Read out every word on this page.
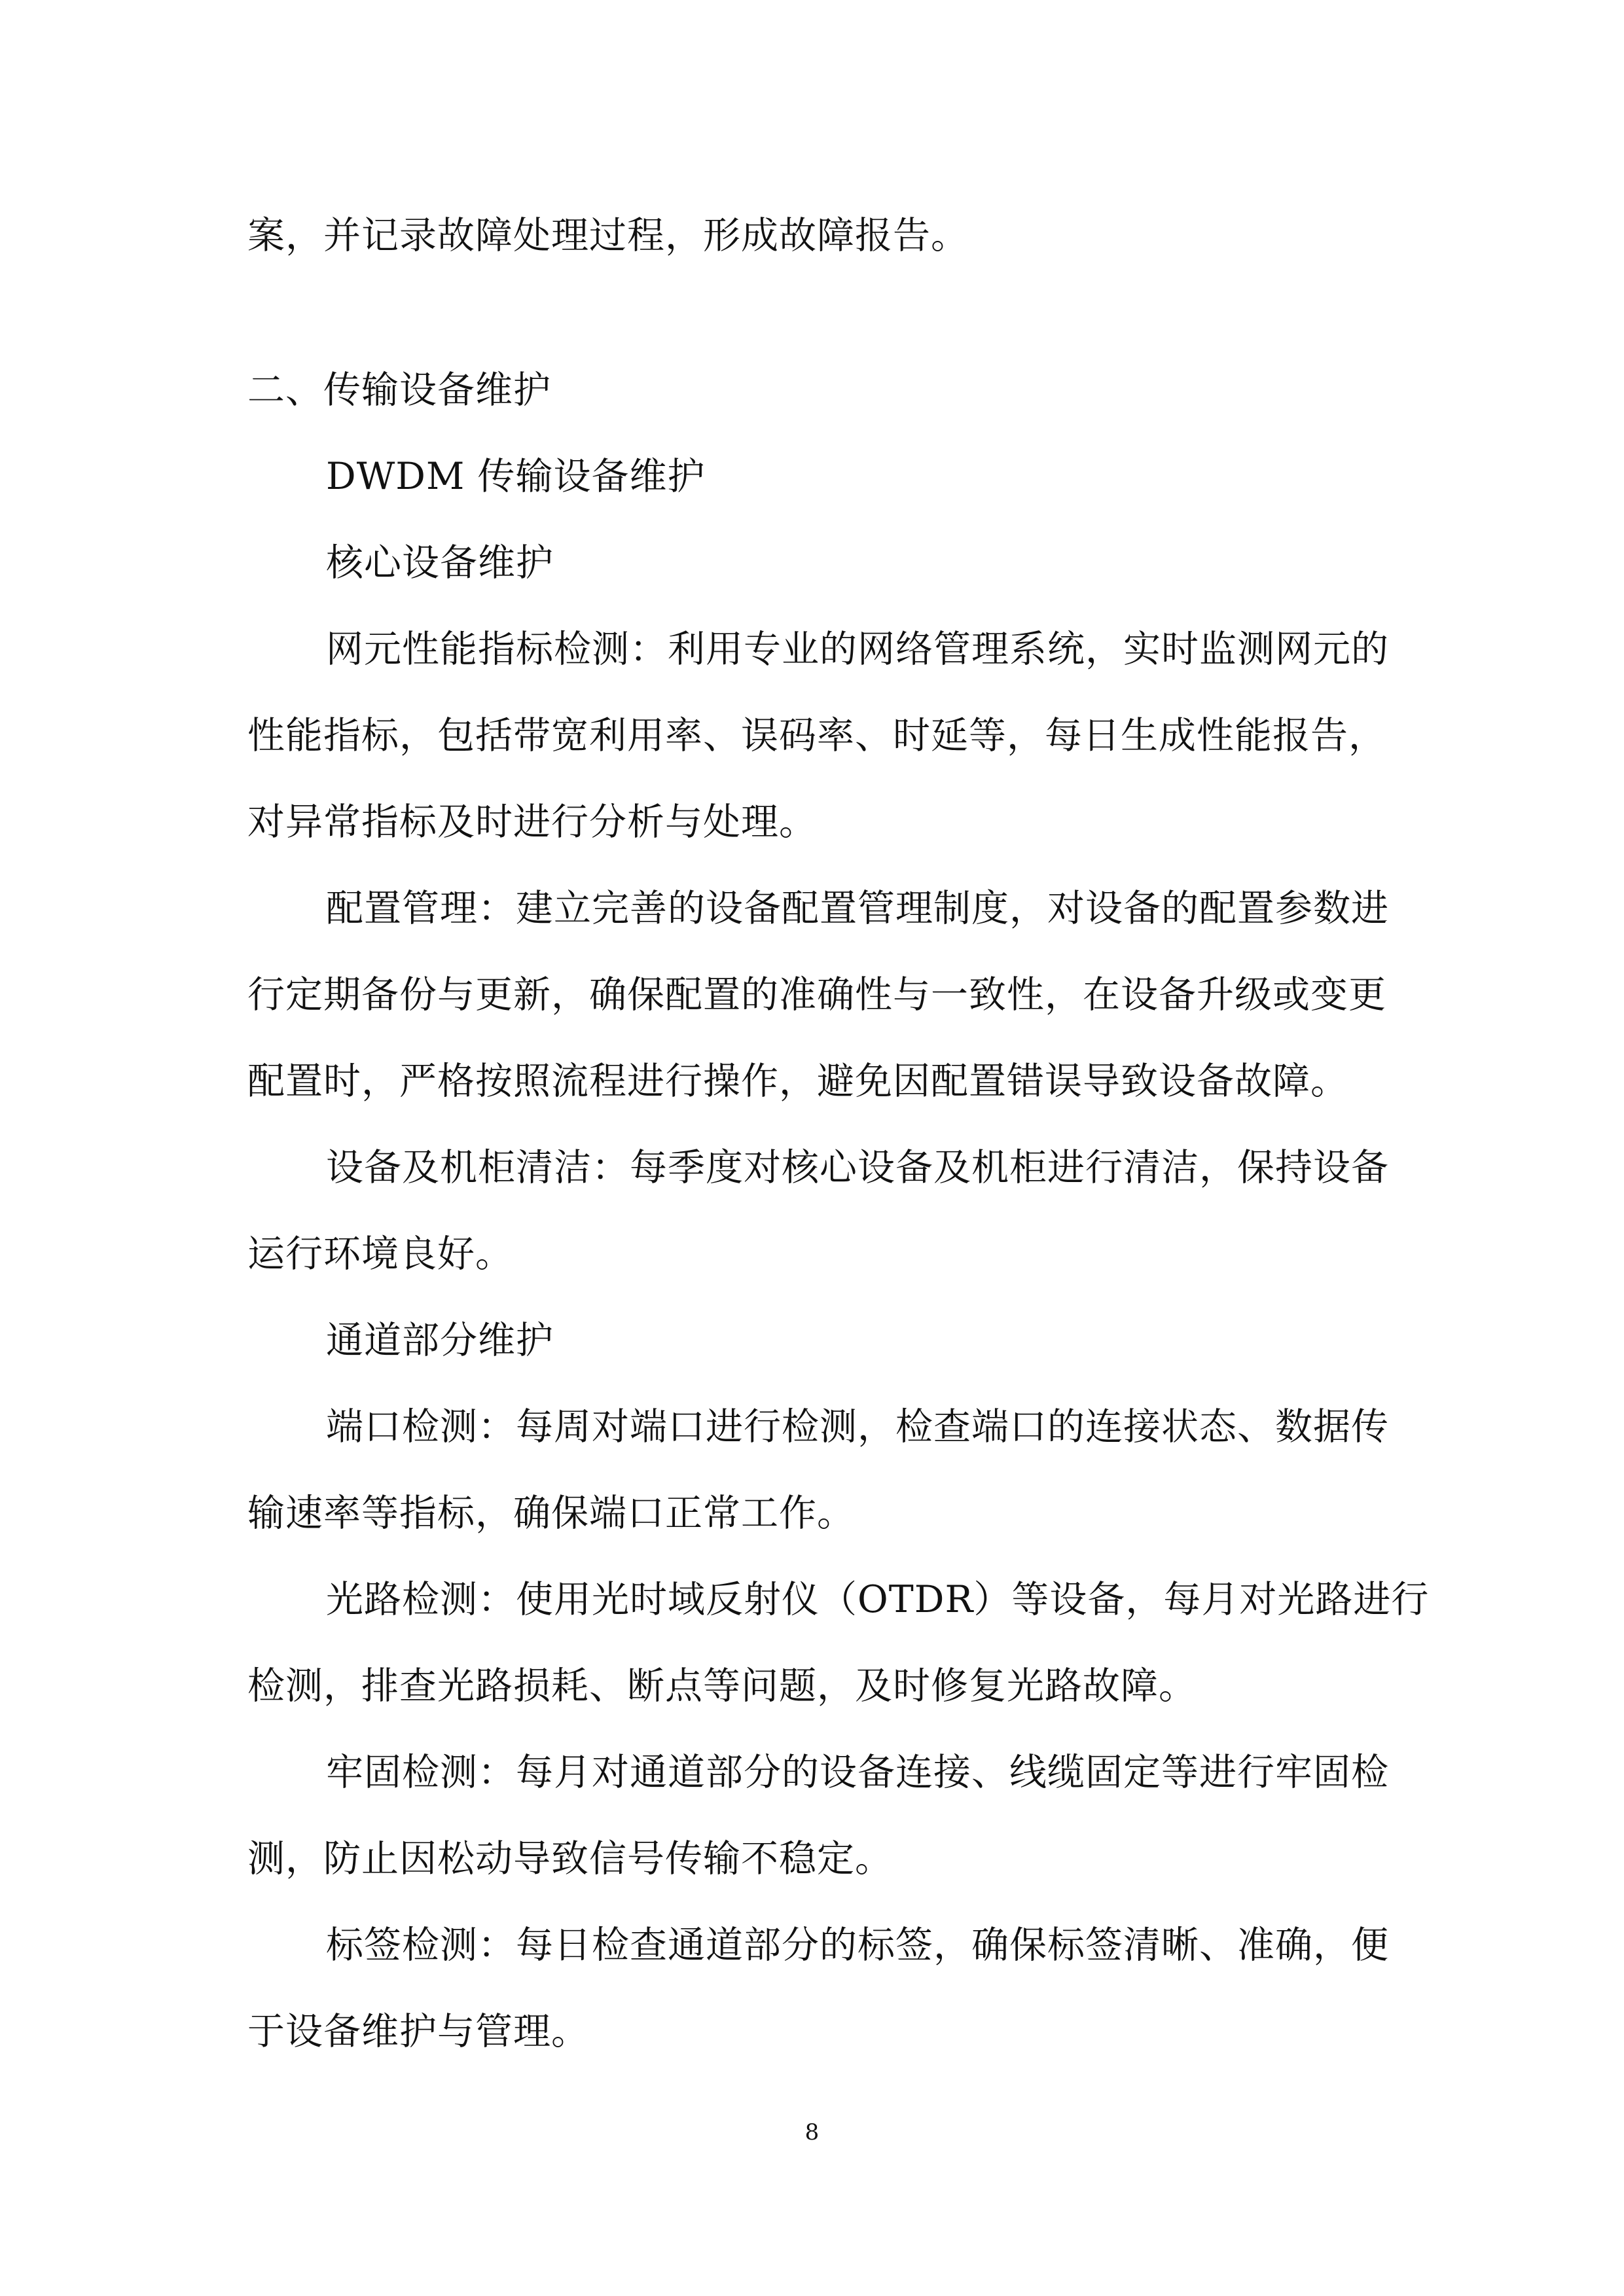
案，并记录故障处理过程，形成故障报告。
二、传输设备维护
DWDM 传输设备维护
核心设备维护
网元性能指标检测：利用专业的网络管理系统，实时监测网元的
性能指标，包括带宽利用率、误码率、时延等，每日生成性能报告，
对异常指标及时进行分析与处理。
配置管理：建立完善的设备配置管理制度，对设备的配置参数进
行定期备份与更新，确保配置的准确性与一致性，在设备升级或变更
配置时，严格按照流程进行操作，避免因配置错误导致设备故障。
设备及机柜清洁：每季度对核心设备及机柜进行清洁，保持设备
运行环境良好。
通道部分维护
端口检测：每周对端口进行检测，检查端口的连接状态、数据传
输速率等指标，确保端口正常工作。
光路检测：使用光时域反射仪（OTDR）等设备，每月对光路进行
检测，排查光路损耗、断点等问题，及时修复光路故障。
牢固检测：每月对通道部分的设备连接、线缆固定等进行牢固检
测，防止因松动导致信号传输不稳定。
标签检测：每日检查通道部分的标签，确保标签清晰、准确，便
于设备维护与管理。
8
